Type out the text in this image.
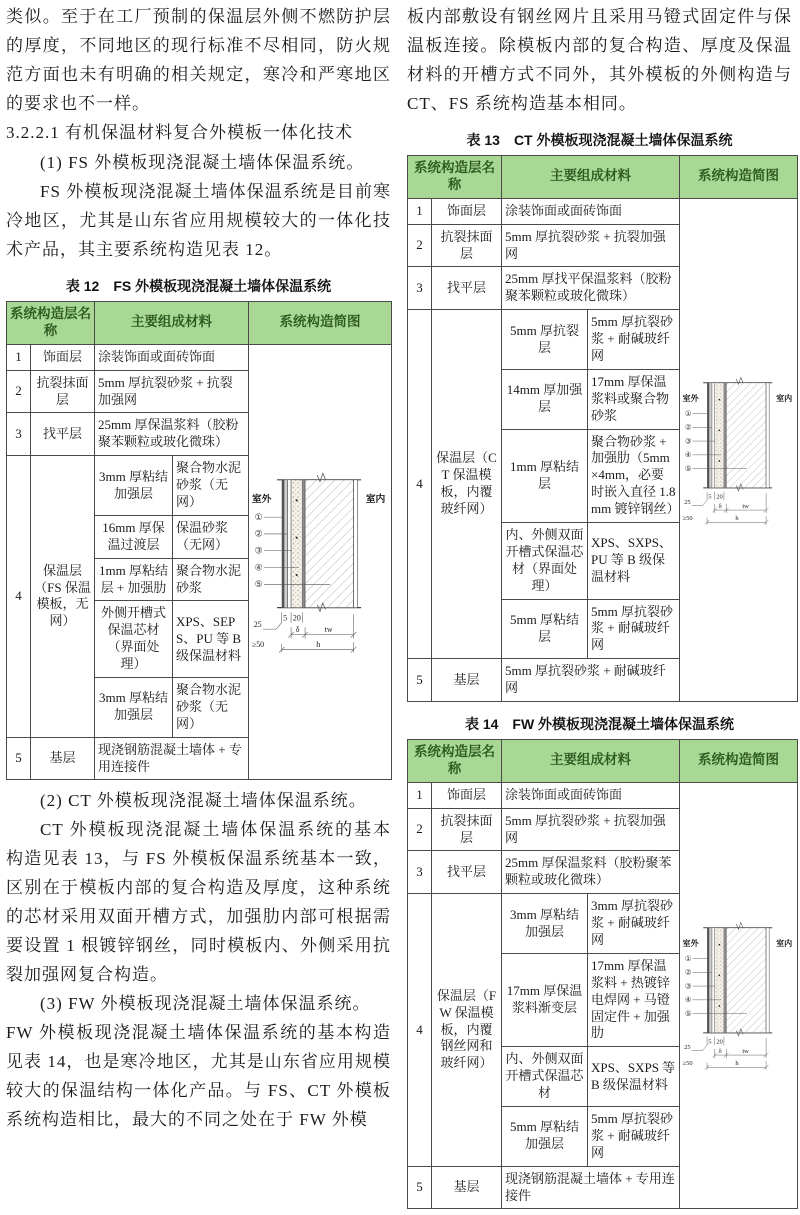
类似。至于在工厂预制的保温层外侧不燃防护层的厚度，不同地区的现行标准不尽相同，防火规范方面也未有明确的相关规定，寒冷和严寒地区的要求也不一样。

3.2.2.1 有机保温材料复合外模板一体化技术

(1) FS 外模板现浇混凝土墙体保温系统。

FS 外模板现浇混凝土墙体保温系统是目前寒冷地区，尤其是山东省应用规模较大的一体化技术产品，其主要系统构造见表 12。

表 12　FS 外模板现浇混凝土墙体保温系统
系统构造层名称		主要组成材料		系统构造简图
1	饰面层	涂装饰面或面砖饰面	
室外	室内
①
②
③
④
⑤
5 20
25
δ	tw
≥50	h

2	抗裂抹面层	5mm 厚抗裂砂浆 + 抗裂加强网		
3	找平层	25mm 厚保温浆料（胶粉聚苯颗粒或玻化微珠）		
4	保温层（FS 保温模板，无网）	3mm 厚粘结加强层	聚合物水泥砂浆（无网）	
		16mm 厚保温过渡层	保温砂浆（无网）	
		1mm 厚粘结层 + 加强肋	聚合物水泥砂浆	
		外侧开槽式保温芯材（界面处理）	XPS、SEPS、PU 等 B 级保温材料	
		3mm 厚粘结加强层	聚合物水泥砂浆（无网）	
5	基层	现浇钢筋混凝土墙体 + 专用连接件		

(2) CT 外模板现浇混凝土墙体保温系统。

CT 外模板现浇混凝土墙体保温系统的基本构造见表 13，与 FS 外模板保温系统基本一致，区别在于模板内部的复合构造及厚度，这种系统的芯材采用双面开槽方式，加强肋内部可根据需要设置 1 根镀锌钢丝，同时模板内、外侧采用抗裂加强网复合构造。

(3) FW 外模板现浇混凝土墙体保温系统。

FW 外模板现浇混凝土墙体保温系统的基本构造见表 14，也是寒冷地区，尤其是山东省应用规模较大的保温结构一体化产品。与 FS、CT 外模板系统构造相比，最大的不同之处在于 FW 外模

板内部敷设有钢丝网片且采用马镫式固定件与保温板连接。除模板内部的复合构造、厚度及保温材料的开槽方式不同外，其外模板的外侧构造与CT、FS 系统构造基本相同。

表 13　CT 外模板现浇混凝土墙体保温系统
系统构造层名称		主要组成材料		系统构造简图
1	饰面层	涂装饰面或面砖饰面	
室外	室内
①
②
③
④
⑤
5 20
25
δ tw
≥50	h

2	抗裂抹面层	5mm 厚抗裂砂浆 + 抗裂加强网		
3	找平层	25mm 厚找平保温浆料（胶粉聚苯颗粒或玻化微珠）		
4	保温层（CT 保温模板，内覆玻纤网）	5mm 厚抗裂层	5mm 厚抗裂砂浆 + 耐碱玻纤网	
		14mm 厚加强层	17mm 厚保温浆料或聚合物砂浆	
		1mm 厚粘结层	聚合物砂浆 + 加强肋（5mm×4mm，必要时嵌入直径 1.8mm 镀锌钢丝）	
		内、外侧双面开槽式保温芯材（界面处理）	XPS、SXPS、PU 等 B 级保温材料	
		5mm 厚粘结层	5mm 厚抗裂砂浆 + 耐碱玻纤网	
5	基层	5mm 厚抗裂砂浆 + 耐碱玻纤网		
表 14　FW 外模板现浇混凝土墙体保温系统
系统构造层名称		主要组成材料		系统构造简图
1	饰面层	涂装饰面或面砖饰面	
室外	室内
①
②
③
④
⑤
5 20
25
δ tw
≥50	h

2	抗裂抹面层	5mm 厚抗裂砂浆 + 抗裂加强网		
3	找平层	25mm 厚保温浆料（胶粉聚苯颗粒或玻化微珠）		
4	保温层（FW 保温模板，内覆钢丝网和玻纤网）	3mm 厚粘结加强层	3mm 厚抗裂砂浆 + 耐碱玻纤网	
		17mm 厚保温浆料渐变层	17mm 厚保温浆料 + 热镀锌电焊网 + 马镫固定件 + 加强肋	
		内、外侧双面开槽式保温芯材	XPS、SXPS 等 B 级保温材料	
		5mm 厚粘结加强层	5mm 厚抗裂砂浆 + 耐碱玻纤网	
5	基层	现浇钢筋混凝土墙体 + 专用连接件		
